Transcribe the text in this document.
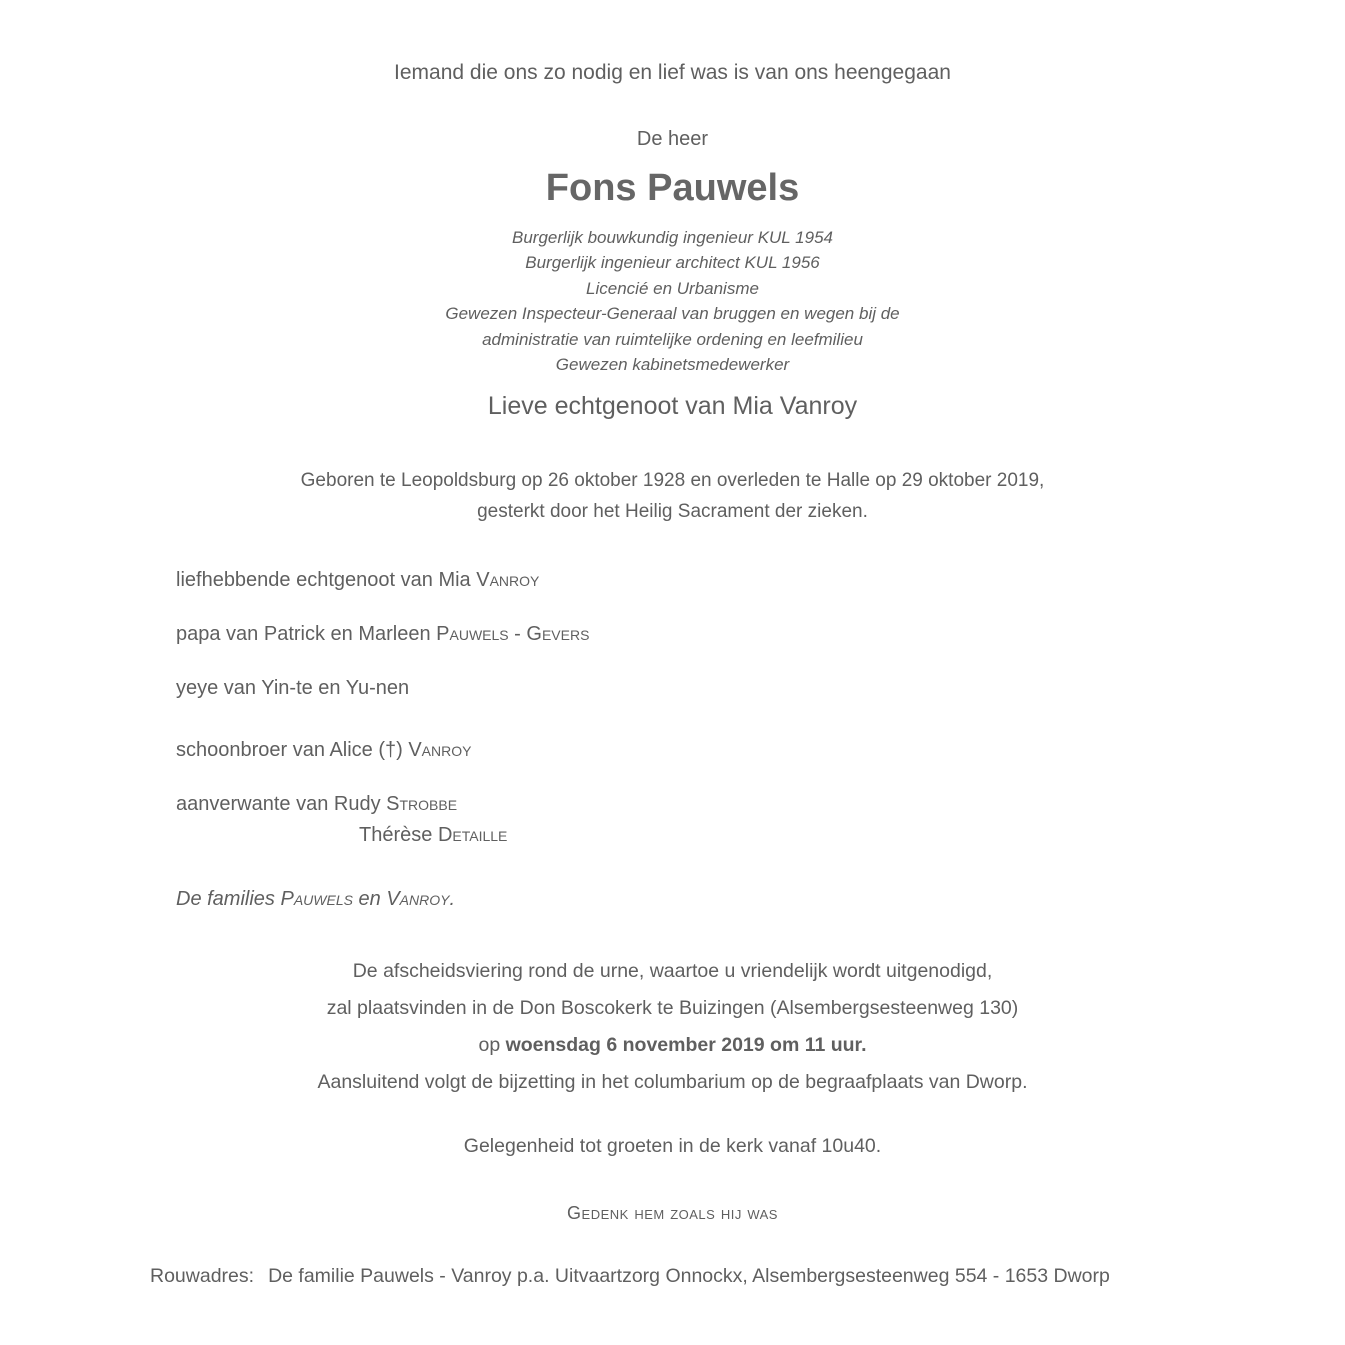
Iemand die ons zo nodig en lief was is van ons heengegaan
De heer
Fons Pauwels
Burgerlijk bouwkundig ingenieur KUL 1954
Burgerlijk ingenieur architect KUL 1956
Licencié en Urbanisme
Gewezen Inspecteur-Generaal van bruggen en wegen bij de
administratie van ruimtelijke ordening en leefmilieu
Gewezen kabinetsmedewerker
Lieve echtgenoot van Mia Vanroy
Geboren te Leopoldsburg op 26 oktober 1928 en overleden te Halle op 29 oktober 2019,
gesterkt door het Heilig Sacrament der zieken.
liefhebbende echtgenoot van Mia Vanroy
papa van Patrick en Marleen Pauwels - Gevers
yeye van Yin-te en Yu-nen
schoonbroer van Alice (†) Vanroy
aanverwante van Rudy Strobbe
Thérèse Detaille
De families Pauwels en Vanroy.
De afscheidsviering rond de urne, waartoe u vriendelijk wordt uitgenodigd,
zal plaatsvinden in de Don Boscokerk te Buizingen (Alsembergsesteenweg 130)
op woensdag 6 november 2019 om 11 uur.
Aansluitend volgt de bijzetting in het columbarium op de begraafplaats van Dworp.
Gelegenheid tot groeten in de kerk vanaf 10u40.
Gedenk hem zoals hij was
Rouwadres: De familie Pauwels - Vanroy p.a. Uitvaartzorg Onnockx, Alsembergsesteenweg 554 - 1653 Dworp
